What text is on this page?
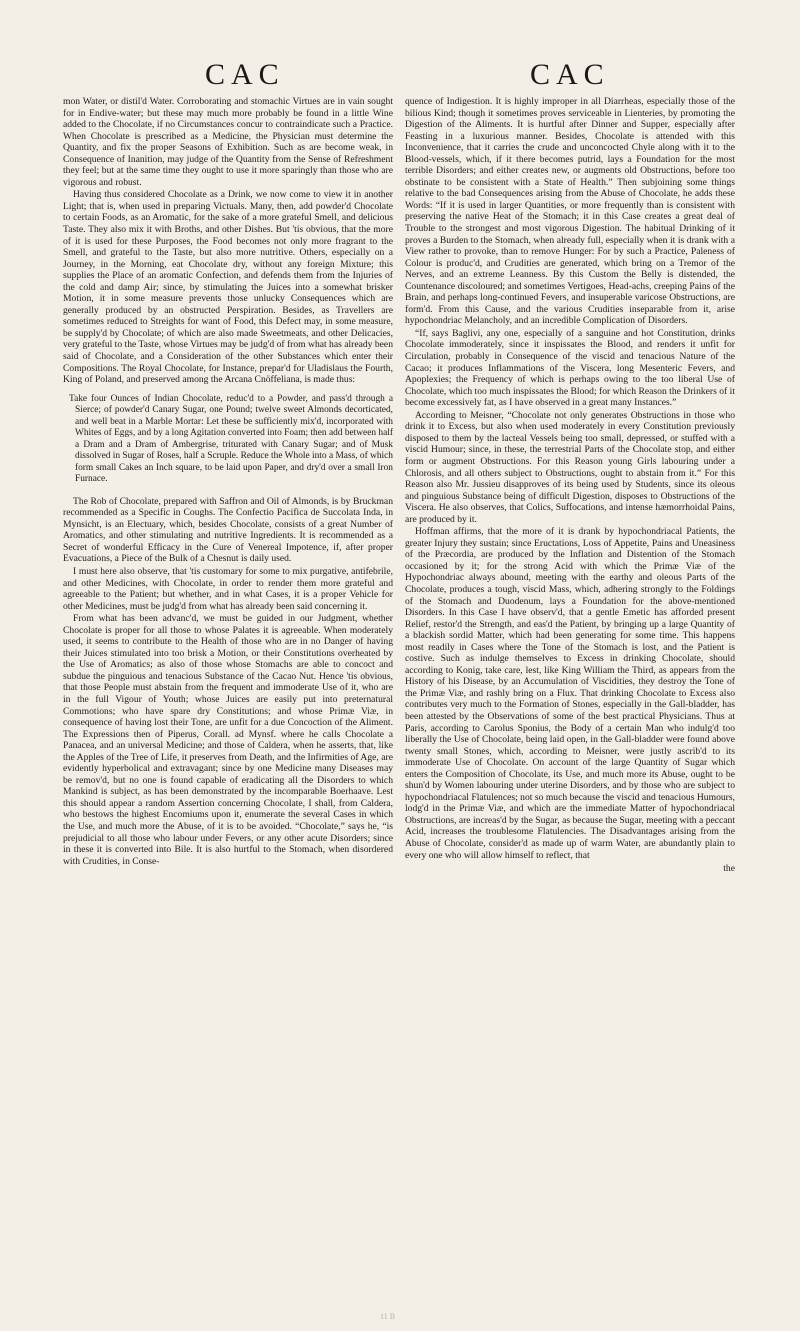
CAC	CAC

mon Water, or distil'd Water. Corroborating and stomachic Virtues are in vain sought for in Endive-water; but these may much more probably be found in a little Wine added to the Chocolate, if no Circumstances concur to contraindicate such a Practice. When Chocolate is prescribed as a Medicine, the Physician must determine the Quantity, and fix the proper Seasons of Exhibition. Such as are become weak, in Consequence of Inanition, may judge of the Quantity from the Sense of Refreshment they feel; but at the same time they ought to use it more sparingly than those who are vigorous and robust.

Having thus considered Chocolate as a Drink, we now come to view it in another Light; that is, when used in preparing Victuals. Many, then, add powder'd Chocolate to certain Foods, as an Aromatic, for the sake of a more grateful Smell, and delicious Taste. They also mix it with Broths, and other Dishes. But 'tis obvious, that the more of it is used for these Purposes, the Food becomes not only more fragrant to the Smell, and grateful to the Taste, but also more nutritive. Others, especially on a Journey, in the Morning, eat Chocolate dry, without any foreign Mixture; this supplies the Place of an aromatic Confection, and defends them from the Injuries of the cold and damp Air; since, by stimulating the Juices into a somewhat brisker Motion, it in some measure prevents those unlucky Consequences which are generally produced by an obstructed Perspiration. Besides, as Travellers are sometimes reduced to Streights for want of Food, this Defect may, in some measure, be supply'd by Chocolate; of which are also made Sweetmeats, and other Delicacies, very grateful to the Taste, whose Virtues may be judg'd of from what has already been said of Chocolate, and a Consideration of the other Substances which enter their Compositions. The Royal Chocolate, for Instance, prepar'd for Uladislaus the Fourth, King of Poland, and preserved among the Arcana Cnöffeliana, is made thus:

Take four Ounces of Indian Chocolate, reduc'd to a Powder, and pass'd through a Sierce; of powder'd Canary Sugar, one Pound; twelve sweet Almonds decorticated, and well beat in a Marble Mortar: Let these be sufficiently mix'd, incorporated with Whites of Eggs, and by a long Agitation converted into Foam; then add between half a Dram and a Dram of Ambergrise, triturated with Canary Sugar; and of Musk dissolved in Sugar of Roses, half a Scruple. Reduce the Whole into a Mass, of which form small Cakes an Inch square, to be laid upon Paper, and dry'd over a small Iron Furnace.

The Rob of Chocolate, prepared with Saffron and Oil of Almonds, is by Bruckman recommended as a Specific in Coughs. The Confectio Pacifica de Succolata Inda, in Mynsicht, is an Electuary, which, besides Chocolate, consists of a great Number of Aromatics, and other stimulating and nutritive Ingredients. It is recommended as a Secret of wonderful Efficacy in the Cure of Venereal Impotence, if, after proper Evacuations, a Piece of the Bulk of a Chesnut is daily used.

I must here also observe, that 'tis customary for some to mix purgative, antifebrile, and other Medicines, with Chocolate, in order to render them more grateful and agreeable to the Patient; but whether, and in what Cases, it is a proper Vehicle for other Medicines, must be judg'd from what has already been said concerning it.

From what has been advanc'd, we must be guided in our Judgment, whether Chocolate is proper for all those to whose Palates it is agreeable. When moderately used, it seems to contribute to the Health of those who are in no Danger of having their Juices stimulated into too brisk a Motion, or their Constitutions overheated by the Use of Aromatics; as also of those whose Stomachs are able to concoct and subdue the pinguious and tenacious Substance of the Cacao Nut. Hence 'tis obvious, that those People must abstain from the frequent and immoderate Use of it, who are in the full Vigour of Youth; whose Juices are easily put into preternatural Commotions; who have spare dry Constitutions; and whose Primæ Viæ, in consequence of having lost their Tone, are unfit for a due Concoction of the Aliment. The Expressions then of Piperus, Corall. ad Mynsf. where he calls Chocolate a Panacea, and an universal Medicine; and those of Caldera, when he asserts, that, like the Apples of the Tree of Life, it preserves from Death, and the Infirmities of Age, are evidently hyperbolical and extravagant; since by one Medicine many Diseases may be remov'd, but no one is found capable of eradicating all the Disorders to which Mankind is subject, as has been demonstrated by the incomparable Boerhaave. Lest this should appear a random Assertion concerning Chocolate, I shall, from Caldera, who bestows the highest Encomiums upon it, enumerate the several Cases in which the Use, and much more the Abuse, of it is to be avoided. “Chocolate,” says he, “is prejudicial to all those who labour under Fevers, or any other acute Disorders; since in these it is converted into Bile. It is also hurtful to the Stomach, when disordered with Crudities, in Conse-

quence of Indigestion. It is highly improper in all Diarrheas, especially those of the bilious Kind; though it sometimes proves serviceable in Lienteries, by promoting the Digestion of the Aliments. It is hurtful after Dinner and Supper, especially after Feasting in a luxurious manner. Besides, Chocolate is attended with this Inconvenience, that it carries the crude and unconcocted Chyle along with it to the Blood-vessels, which, if it there becomes putrid, lays a Foundation for the most terrible Disorders; and either creates new, or augments old Obstructions, before too obstinate to be consistent with a State of Health.” Then subjoining some things relative to the bad Consequences arising from the Abuse of Chocolate, he adds these Words: “If it is used in larger Quantities, or more frequently than is consistent with preserving the native Heat of the Stomach; it in this Case creates a great deal of Trouble to the strongest and most vigorous Digestion. The habitual Drinking of it proves a Burden to the Stomach, when already full, especially when it is drank with a View rather to provoke, than to remove Hunger: For by such a Practice, Paleness of Colour is produc'd, and Crudities are generated, which bring on a Tremor of the Nerves, and an extreme Leanness. By this Custom the Belly is distended, the Countenance discoloured; and sometimes Vertigoes, Head-achs, creeping Pains of the Brain, and perhaps long-continued Fevers, and insuperable varicose Obstructions, are form'd. From this Cause, and the various Crudities inseparable from it, arise hypochondriac Melancholy, and an incredible Complication of Disorders.

“If, says Baglivi, any one, especially of a sanguine and hot Constitution, drinks Chocolate immoderately, since it inspissates the Blood, and renders it unfit for Circulation, probably in Consequence of the viscid and tenacious Nature of the Cacao; it produces Inflammations of the Viscera, long Mesenteric Fevers, and Apoplexies; the Frequency of which is perhaps owing to the too liberal Use of Chocolate, which too much inspissates the Blood; for which Reason the Drinkers of it become excessively fat, as I have observed in a great many Instances.”

According to Meisner, “Chocolate not only generates Obstructions in those who drink it to Excess, but also when used moderately in every Constitution previously disposed to them by the lacteal Vessels being too small, depressed, or stuffed with a viscid Humour; since, in these, the terrestrial Parts of the Chocolate stop, and either form or augment Obstructions. For this Reason young Girls labouring under a Chlorosis, and all others subject to Obstructions, ought to abstain from it.” For this Reason also Mr. Jussieu disapproves of its being used by Students, since its oleous and pinguious Substance being of difficult Digestion, disposes to Obstructions of the Viscera. He also observes, that Colics, Suffocations, and intense hæmorrhoidal Pains, are produced by it.

Hoffman affirms, that the more of it is drank by hypochondriacal Patients, the greater Injury they sustain; since Eructations, Loss of Appetite, Pains and Uneasiness of the Præcordia, are produced by the Inflation and Distention of the Stomach occasioned by it; for the strong Acid with which the Primæ Viæ of the Hypochondriac always abound, meeting with the earthy and oleous Parts of the Chocolate, produces a tough, viscid Mass, which, adhering strongly to the Foldings of the Stomach and Duodenum, lays a Foundation for the above-mentioned Disorders. In this Case I have observ'd, that a gentle Emetic has afforded present Relief, restor'd the Strength, and eas'd the Patient, by bringing up a large Quantity of a blackish sordid Matter, which had been generating for some time. This happens most readily in Cases where the Tone of the Stomach is lost, and the Patient is costive. Such as indulge themselves to Excess in drinking Chocolate, should according to Konig, take care, lest, like King William the Third, as appears from the History of his Disease, by an Accumulation of Viscidities, they destroy the Tone of the Primæ Viæ, and rashly bring on a Flux. That drinking Chocolate to Excess also contributes very much to the Formation of Stones, especially in the Gall-bladder, has been attested by the Observations of some of the best practical Physicians. Thus at Paris, according to Carolus Sponius, the Body of a certain Man who indulg'd too liberally the Use of Chocolate, being laid open, in the Gall-bladder were found above twenty small Stones, which, according to Meisner, were justly ascrib'd to its immoderate Use of Chocolate. On account of the large Quantity of Sugar which enters the Composition of Chocolate, its Use, and much more its Abuse, ought to be shun'd by Women labouring under uterine Disorders, and by those who are subject to hypochondriacal Flatulences; not so much because the viscid and tenacious Humours, lodg'd in the Primæ Viæ, and which are the immediate Matter of hypochondriacal Obstructions, are increas'd by the Sugar, as because the Sugar, meeting with a peccant Acid, increases the troublesome Flatulencies. The Disadvantages arising from the Abuse of Chocolate, consider'd as made up of warm Water, are abundantly plain to every one who will allow himself to reflect, that

the
11 B
